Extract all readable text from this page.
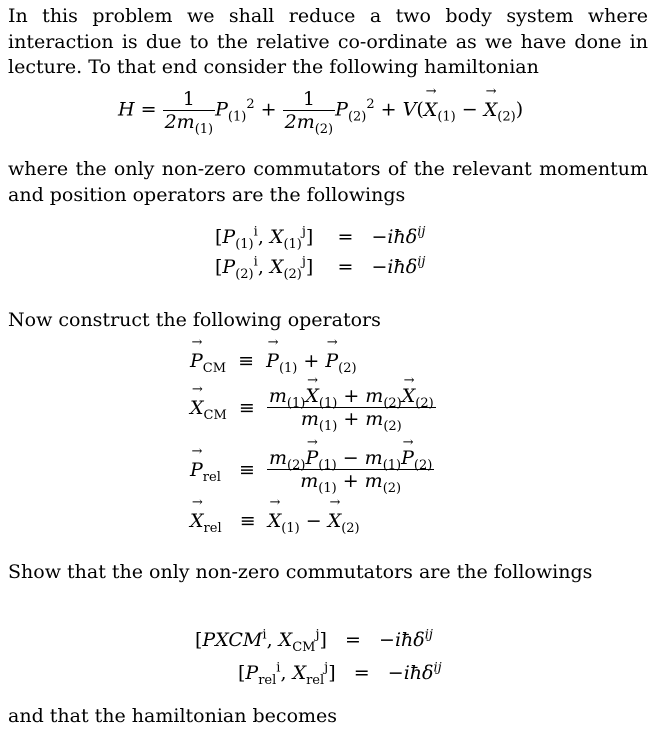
In this problem we shall reduce a two body system where interaction is due to the relative co-ordinate as we have done in lecture. To that end consider the following hamiltonian

$H = \frac{1}{2m_{(1)}} P_{(1)}^2 + \frac{1}{2m_{(2)}} P_{(2)}^2 + V(\to X_{(1)}$ − → $X_{(2)}$)

where the only non-zero commutators of the relevant momentum and position operators are the followings

[$P_{(1)}^i$, $X_{(1)}^j$]    =   −iħδ$^{ij}$
[$P_{(2)}^i$, $X_{(2)}^j$]    =   −iħδ$^{ij}$

Now construct the following operators

→ $P_{CM}$  ≡  → $P_{(1)}$ + → $P_{(2)}$
→ $X_{CM} \equiv \frac{m_{(1)}\to X_{(1)} + m_{(2)}\to X_{(2)}}{m_{(1)} + m_{(2)}}$
→ $P_{rel} \equiv \frac{m_{(2)}\to P_{(1)} - m_{(1)}\to P_{(2)}}{m_{(1)} + m_{(2)}}$
→ $X_{rel}$   ≡  → $X_{(1)}$ − → $X_{(2)}$

Show that the only non-zero commutators are the followings

[PXCM$^i$, $X_{CM}^j$]   =   −iħδ$^{ij}$
[$P_{rel}^i$, $X_{rel}^j$]   =   −iħδ$^{ij}$

and that the hamiltonian becomes
